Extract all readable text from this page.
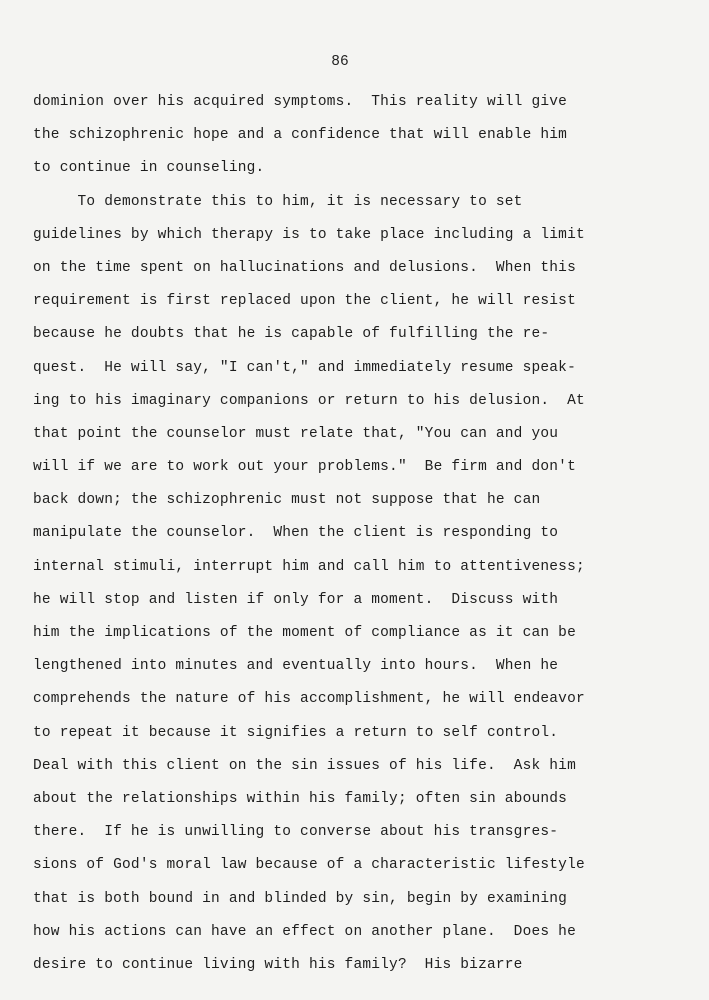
86
dominion over his acquired symptoms.  This reality will give
the schizophrenic hope and a confidence that will enable him
to continue in counseling.
To demonstrate this to him, it is necessary to set
guidelines by which therapy is to take place including a limit
on the time spent on hallucinations and delusions.  When this
requirement is first replaced upon the client, he will resist
because he doubts that he is capable of fulfilling the re-
quest.  He will say, "I can't," and immediately resume speak-
ing to his imaginary companions or return to his delusion.  At
that point the counselor must relate that, "You can and you
will if we are to work out your problems."  Be firm and don't
back down; the schizophrenic must not suppose that he can
manipulate the counselor.  When the client is responding to
internal stimuli, interrupt him and call him to attentiveness;
he will stop and listen if only for a moment.  Discuss with
him the implications of the moment of compliance as it can be
lengthened into minutes and eventually into hours.  When he
comprehends the nature of his accomplishment, he will endeavor
to repeat it because it signifies a return to self control.
Deal with this client on the sin issues of his life.  Ask him
about the relationships within his family; often sin abounds
there.  If he is unwilling to converse about his transgres-
sions of God's moral law because of a characteristic lifestyle
that is both bound in and blinded by sin, begin by examining
how his actions can have an effect on another plane.  Does he
desire to continue living with his family?  His bizarre
